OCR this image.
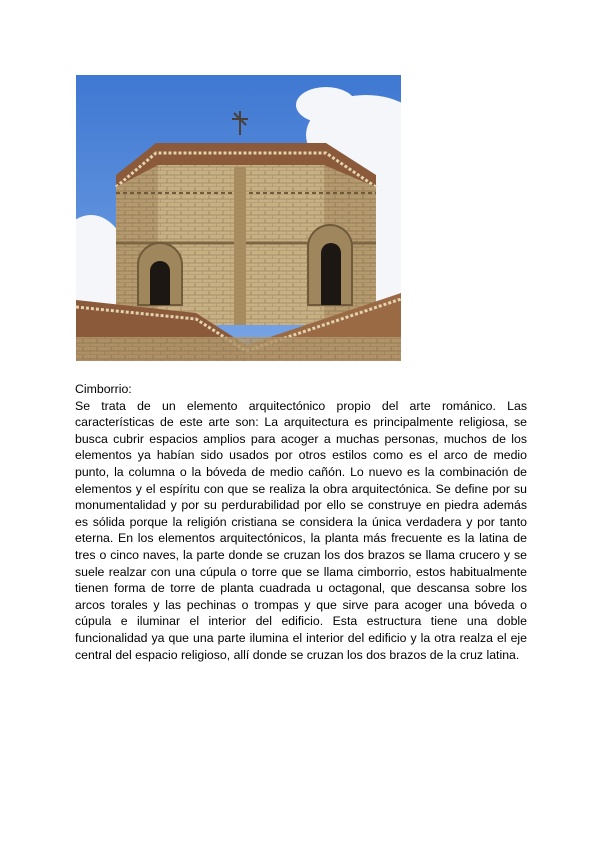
Cimborrio:

Se trata de un elemento arquitectónico propio del arte románico. Las características de este arte son: La arquitectura es principalmente religiosa, se busca cubrir espacios amplios para acoger a muchas personas, muchos de los elementos ya habían sido usados por otros estilos como es el arco de medio punto, la columna o la bóveda de medio cañón. Lo nuevo es la combinación de elementos y el espíritu con que se realiza la obra arquitectónica. Se define por su monumentalidad y por su perdurabilidad por ello se construye en piedra además es sólida porque la religión cristiana se considera la única verdadera y por tanto eterna. En los elementos arquitectónicos, la planta más frecuente es la latina de tres o cinco naves, la parte donde se cruzan los dos brazos se llama crucero y se suele realzar con una cúpula o torre que se llama cimborrio, estos habitualmente tienen forma de torre de planta cuadrada u octagonal, que descansa sobre los arcos torales y las pechinas o trompas y que sirve para acoger una bóveda o cúpula e iluminar el interior del edificio. Esta estructura tiene una doble funcionalidad ya que una parte ilumina el interior del edificio y la otra realza el eje central del espacio religioso, allí donde se cruzan los dos brazos de la cruz latina.
